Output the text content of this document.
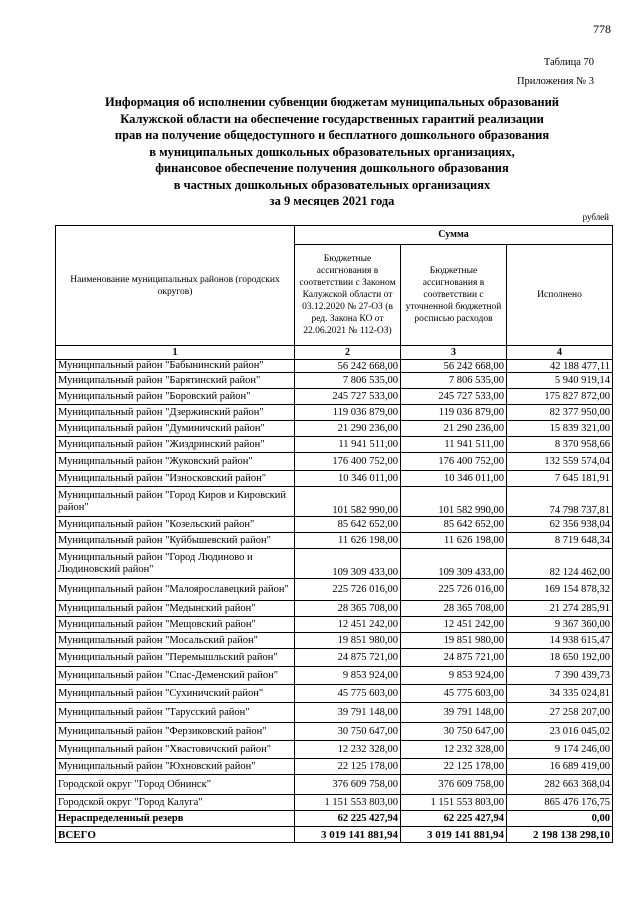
778
Таблица 70
Приложения № 3
Информация об исполнении субвенции бюджетам муниципальных образований
Калужской области на обеспечение государственных гарантий реализации
прав на получение общедоступного и бесплатного дошкольного образования
в муниципальных дошкольных образовательных организациях,
финансовое обеспечение получения дошкольного образования
в частных дошкольных образовательных организациях
за 9 месяцев 2021 года
рублей
Наименование муниципальных районов (городских округов)	Сумма		
	Бюджетные ассигнования в соответствии с Законом Калужской области от 03.12.2020 № 27-ОЗ (в ред. Закона КО от 22.06.2021 № 112-ОЗ)	Бюджетные ассигнования в соответствии с уточненной бюджетной росписью расходов	Исполнено
1	2	3	4
Муниципальный район "Бабынинский район"	56 242 668,00	56 242 668,00	42 188 477,11
Муниципальный район "Барятинский район"	7 806 535,00	7 806 535,00	5 940 919,14
Муниципальный район "Боровский район"	245 727 533,00	245 727 533,00	175 827 872,00
Муниципальный район "Дзержинский район"	119 036 879,00	119 036 879,00	82 377 950,00
Муниципальный район "Думиничский район"	21 290 236,00	21 290 236,00	15 839 321,00
Муниципальный район "Жиздринский район"	11 941 511,00	11 941 511,00	8 370 958,66
Муниципальный район "Жуковский район"	176 400 752,00	176 400 752,00	132 559 574,04
Муниципальный район "Износковский район"	10 346 011,00	10 346 011,00	7 645 181,91
Муниципальный район "Город Киров и Кировский район"	101 582 990,00	101 582 990,00	74 798 737,81
Муниципальный район "Козельский район"	85 642 652,00	85 642 652,00	62 356 938,04
Муниципальный район "Куйбышевский район"	11 626 198,00	11 626 198,00	8 719 648,34
Муниципальный район "Город Людиново и Людиновский район"	109 309 433,00	109 309 433,00	82 124 462,00
Муниципальный район "Малоярославецкий район"	225 726 016,00	225 726 016,00	169 154 878,32
Муниципальный район "Медынский район"	28 365 708,00	28 365 708,00	21 274 285,91
Муниципальный район "Мещовский район"	12 451 242,00	12 451 242,00	9 367 360,00
Муниципальный район "Мосальский район"	19 851 980,00	19 851 980,00	14 938 615,47
Муниципальный район "Перемышльский район"	24 875 721,00	24 875 721,00	18 650 192,00
Муниципальный район "Спас-Деменский район"	9 853 924,00	9 853 924,00	7 390 439,73
Муниципальный район "Сухиничский район"	45 775 603,00	45 775 603,00	34 335 024,81
Муниципальный район "Тарусский район"	39 791 148,00	39 791 148,00	27 258 207,00
Муниципальный район "Ферзиковский район"	30 750 647,00	30 750 647,00	23 016 045,02
Муниципальный район "Хвастовичский район"	12 232 328,00	12 232 328,00	9 174 246,00
Муниципальный район "Юхновский район"	22 125 178,00	22 125 178,00	16 689 419,00
Городской округ "Город Обнинск"	376 609 758,00	376 609 758,00	282 663 368,04
Городской округ "Город Калуга"	1 151 553 803,00	1 151 553 803,00	865 476 176,75
Нераспределенный резерв	62 225 427,94	62 225 427,94	0,00
ВСЕГО	3 019 141 881,94	3 019 141 881,94	2 198 138 298,10
